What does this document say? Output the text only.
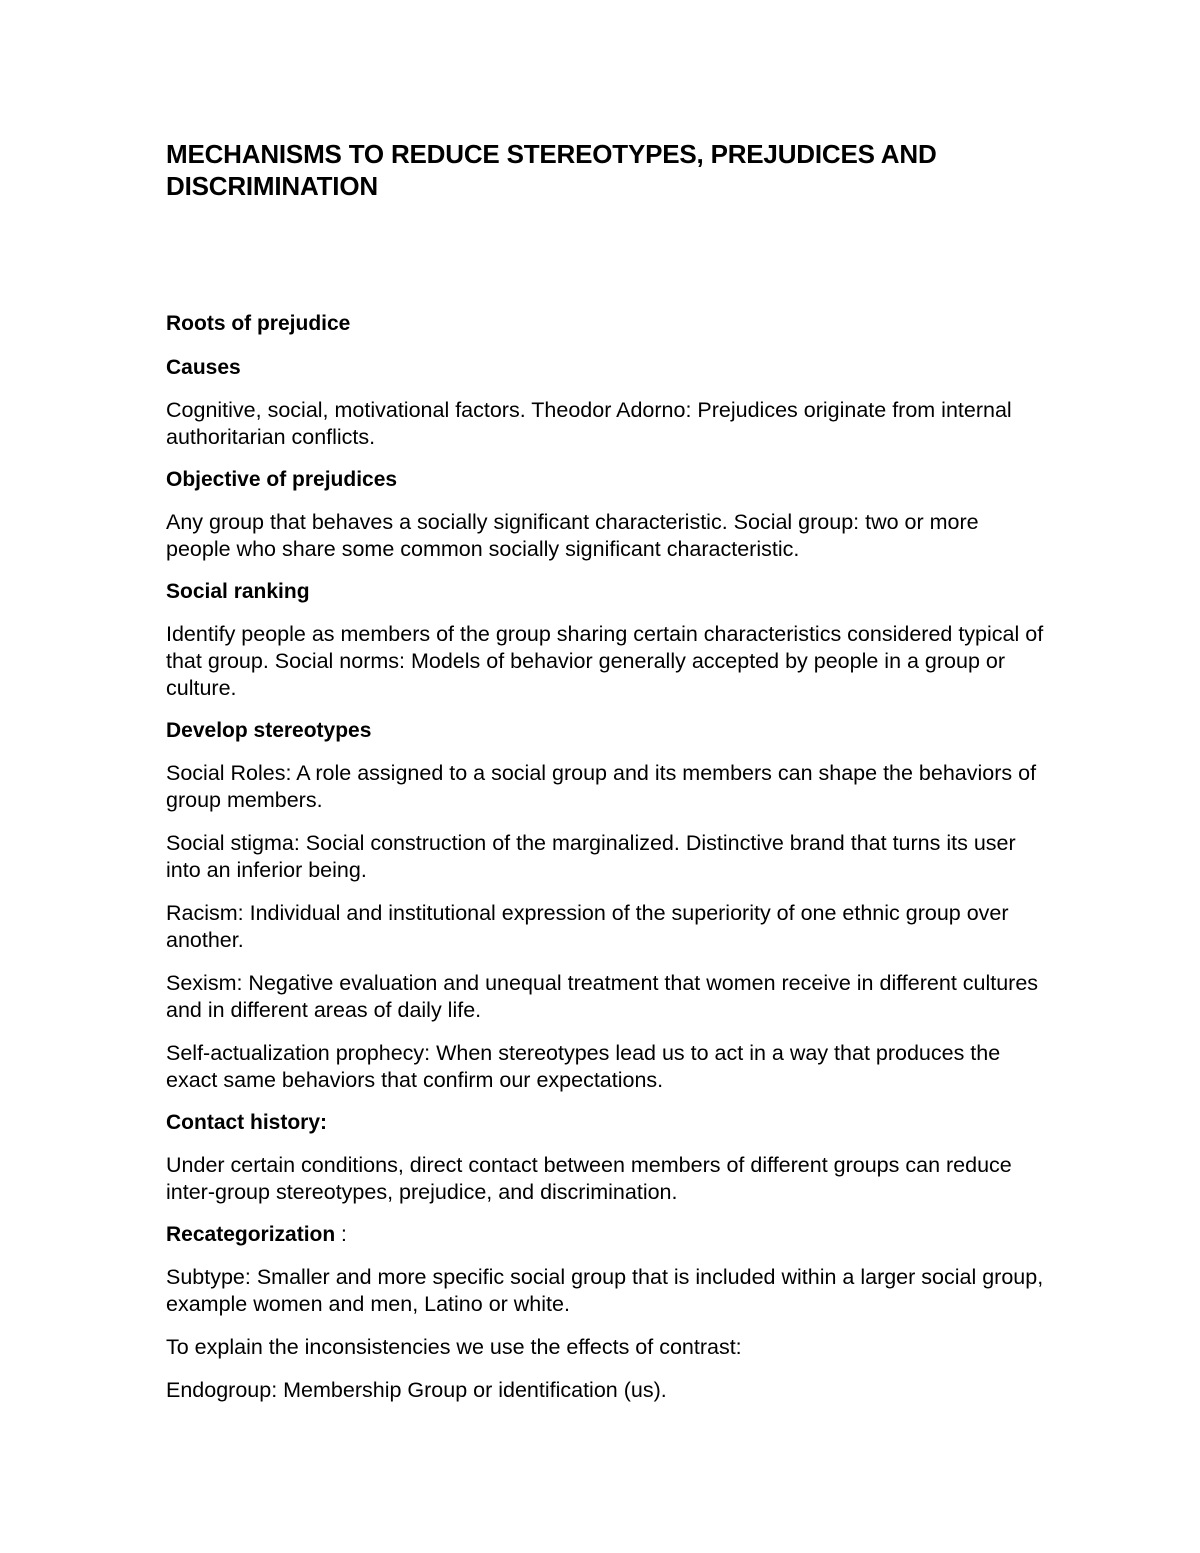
MECHANISMS TO REDUCE STEREOTYPES, PREJUDICES AND DISCRIMINATION
Roots of prejudice
Causes
Cognitive, social, motivational factors. Theodor Adorno: Prejudices originate from internal authoritarian conflicts.
Objective of prejudices
Any group that behaves a socially significant characteristic. Social group: two or more people who share some common socially significant characteristic.
Social ranking
Identify people as members of the group sharing certain characteristics considered typical of that group. Social norms: Models of behavior generally accepted by people in a group or culture.
Develop stereotypes
Social Roles: A role assigned to a social group and its members can shape the behaviors of group members.
Social stigma: Social construction of the marginalized. Distinctive brand that turns its user into an inferior being.
Racism: Individual and institutional expression of the superiority of one ethnic group over another.
Sexism: Negative evaluation and unequal treatment that women receive in different cultures and in different areas of daily life.
Self-actualization prophecy: When stereotypes lead us to act in a way that produces the exact same behaviors that confirm our expectations.
Contact history:
Under certain conditions, direct contact between members of different groups can reduce inter-group stereotypes, prejudice, and discrimination.
Recategorization :
Subtype: Smaller and more specific social group that is included within a larger social group, example women and men, Latino or white.
To explain the inconsistencies we use the effects of contrast:
Endogroup: Membership Group or identification (us).
